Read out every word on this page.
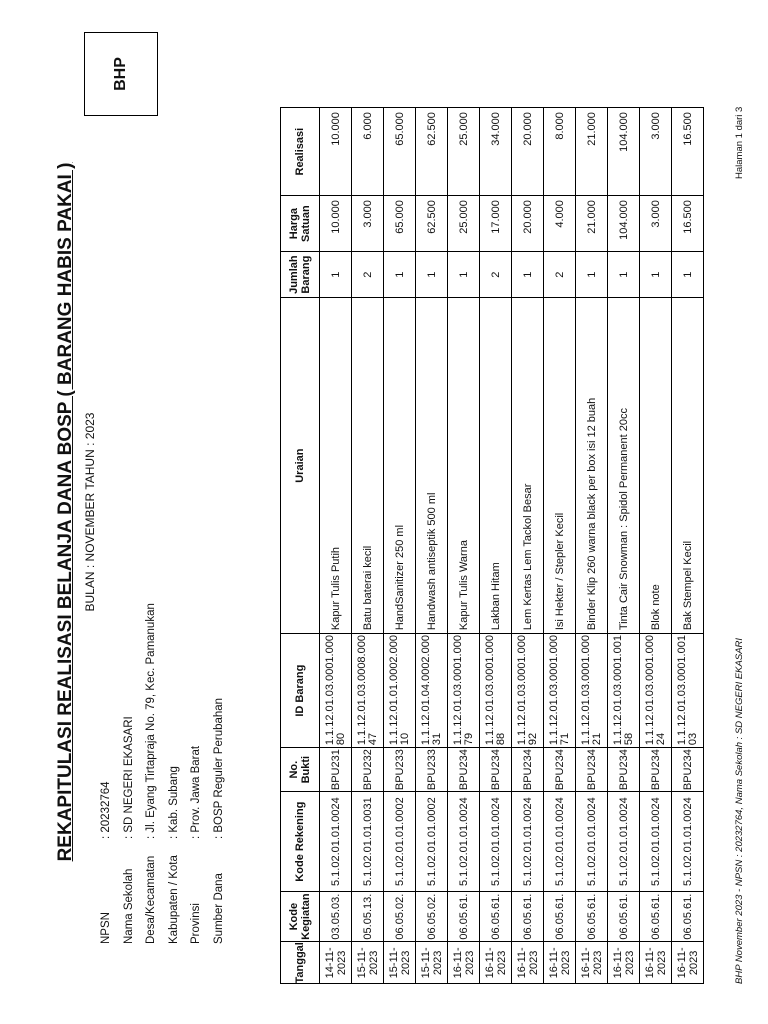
REKAPITULASI REALISASI BELANJA DANA BOSP ( BARANG HABIS PAKAI ) BULAN : NOVEMBER TAHUN : 2023
BHP
NPSN
: 20232764
Nama Sekolah
: SD NEGERI EKASARI
Desa/Kecamatan
: Jl. Eyang Tirtapraja No. 79, Kec. Pamanukan
Kabupaten / Kota
: Kab. Subang
Provinsi
: Prov. Jawa Barat
Sumber Dana
: BOSP Reguler Perubahan
	Tanggal	Kode Kegiatan	Kode Rekening	No. Bukti	ID Barang	Uraian	Jumlah Barang	Harga Satuan	Realisasi
	14-11-2023	03.05.03.	5.1.02.01.01.0024	BPU231	1.1.12.01.03.0001.00080	Kapur Tulis Putih	1	10.000	10.000
	15-11-2023	05.05.13.	5.1.02.01.01.0031	BPU232	1.1.12.01.03.0008.00047	Batu baterai kecil	2	3.000	6.000
	15-11-2023	06.05.02.	5.1.02.01.01.0002	BPU233	1.1.12.01.01.0002.00010	HandSanitizer 250 ml	1	65.000	65.000
	15-11-2023	06.05.02.	5.1.02.01.01.0002	BPU233	1.1.12.01.04.0002.00031	Handwash antiseptik 500 ml	1	62.500	62.500
	16-11-2023	06.05.61.	5.1.02.01.01.0024	BPU234	1.1.12.01.03.0001.00079	Kapur Tulis Warna	1	25.000	25.000
	16-11-2023	06.05.61.	5.1.02.01.01.0024	BPU234	1.1.12.01.03.0001.00088	Lakban Hitam	2	17.000	34.000
	16-11-2023	06.05.61.	5.1.02.01.01.0024	BPU234	1.1.12.01.03.0001.00092	Lem Kertas Lem Tackol Besar	1	20.000	20.000
	16-11-2023	06.05.61.	5.1.02.01.01.0024	BPU234	1.1.12.01.03.0001.00071	Isi Hekter / Stepler Kecil	2	4.000	8.000
	16-11-2023	06.05.61.	5.1.02.01.01.0024	BPU234	1.1.12.01.03.0001.00021	Binder Klip 260 warna black per box isi 12 buah	1	21.000	21.000
	16-11-2023	06.05.61.	5.1.02.01.01.0024	BPU234	1.1.12.01.03.0001.00158	Tinta Cair Snowman : Spidol Permanent 20cc	1	104.000	104.000
	16-11-2023	06.05.61.	5.1.02.01.01.0024	BPU234	1.1.12.01.03.0001.00024	Blok note	1	3.000	3.000
	16-11-2023	06.05.61.	5.1.02.01.01.0024	BPU234	1.1.12.01.03.0001.00103	Bak Stempel Kecil	1	16.500	16.500
BHP November 2023 - NPSN : 20232764, Nama Sekolah : SD NEGERI EKASARI
Halaman 1 dari 3
